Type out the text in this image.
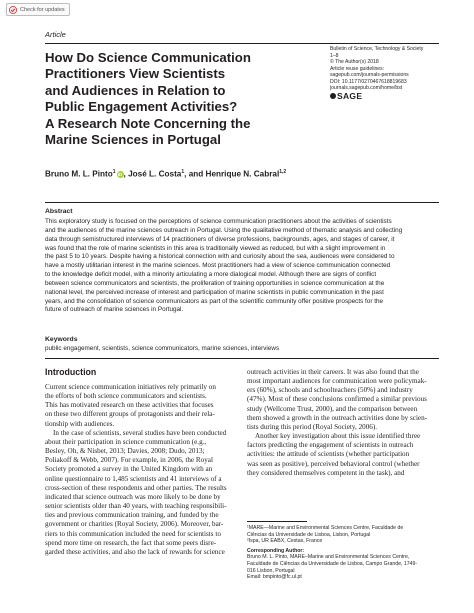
Check for updates
Article
How Do Science Communication
Practitioners View Scientists
and Audiences in Relation to
Public Engagement Activities?
A Research Note Concerning the
Marine Sciences in Portugal
Bulletin of Science, Technology & Society
1–8
© The Author(s) 2018
Article reuse guidelines:
sagepub.com/journals-permissions
DOI: 10.1177/0270467618819683
journals.sagepub.com/home/bst
SAGE
Bruno M. L. Pinto$^1$ iD, José L. Costa$^1$, and Henrique N. Cabral$^{1,2}$
Abstract
This exploratory study is focused on the perceptions of science communication practitioners about the activities of scientists
and the audiences of the marine sciences outreach in Portugal. Using the qualitative method of thematic analysis and collecting
data through semistructured interviews of 14 practitioners of diverse professions, backgrounds, ages, and stages of career, it
was found that the role of marine scientists in this area is traditionally viewed as reduced, but with a slight improvement in
the past 5 to 10 years. Despite having a historical connection with and curiosity about the sea, audiences were considered to
have a mostly utilitarian interest in the marine sciences. Most practitioners had a view of science communication connected
to the knowledge deficit model, with a minority articulating a more dialogical model. Although there are signs of conflict
between science communicators and scientists, the proliferation of training opportunities in science communication at the
national level, the perceived increase of interest and participation of marine scientists in public communication in the past
years, and the consolidation of science communicators as part of the scientific community offer positive prospects for the
future of outreach of marine sciences in Portugal.
Keywords
public engagement, scientists, science communicators, marine sciences, interviews
Introduction
Current science communication initiatives rely primarily on
the efforts of both science communicators and scientists.
This has motivated research on these activities that focuses
on these two different groups of protagonists and their rela-
tionship with audiences.
In the case of scientists, several studies have been conducted
about their participation in science communication (e.g.,
Besley, Oh, & Nisbet, 2013; Davies, 2008; Dudo, 2013;
Poliakoff & Webb, 2007). For example, in 2006, the Royal
Society promoted a survey in the United Kingdom with an
online questionnaire to 1,485 scientists and 41 interviews of a
cross-section of these respondents and other parties. The results
indicated that science outreach was more likely to be done by
senior scientists older than 40 years, with teaching responsibili-
ties and previous communication training, and funded by the
government or charities (Royal Society, 2006). Moreover, bar-
riers to this communication included the need for scientists to
spend more time on research, the fact that some peers disre-
garded these activities, and also the lack of rewards for science
outreach activities in their careers. It was also found that the
most important audiences for communication were policymak-
ers (60%), schools and schoolteachers (50%) and industry
(47%). Most of these conclusions confirmed a similar previous
study (Wellcome Trust, 2000), and the comparison between
them showed a growth in the outreach activities done by scien-
tists during this period (Royal Society, 2006).
Another key investigation about this issue identified three
factors predicting the engagement of scientists in outreach
activities: the attitude of scientists (whether participation
was seen as positive), perceived behavioral control (whether
they considered themselves competent in the task), and
¹MARE—Marine and Environmental Sciences Centre, Faculdade de
Ciências da Universidade de Lisboa, Lisbon, Portugal
²Ispa, UR EABX, Cestas, France
Corresponding Author:
Bruno M. L. Pinto, MARE–Marine and Environmental Sciences Centre,
Faculdade de Ciências da Universidade de Lisboa, Campo Grande, 1749-
016 Lisbon, Portugal
Email: bmpinto@fc.ul.pt
